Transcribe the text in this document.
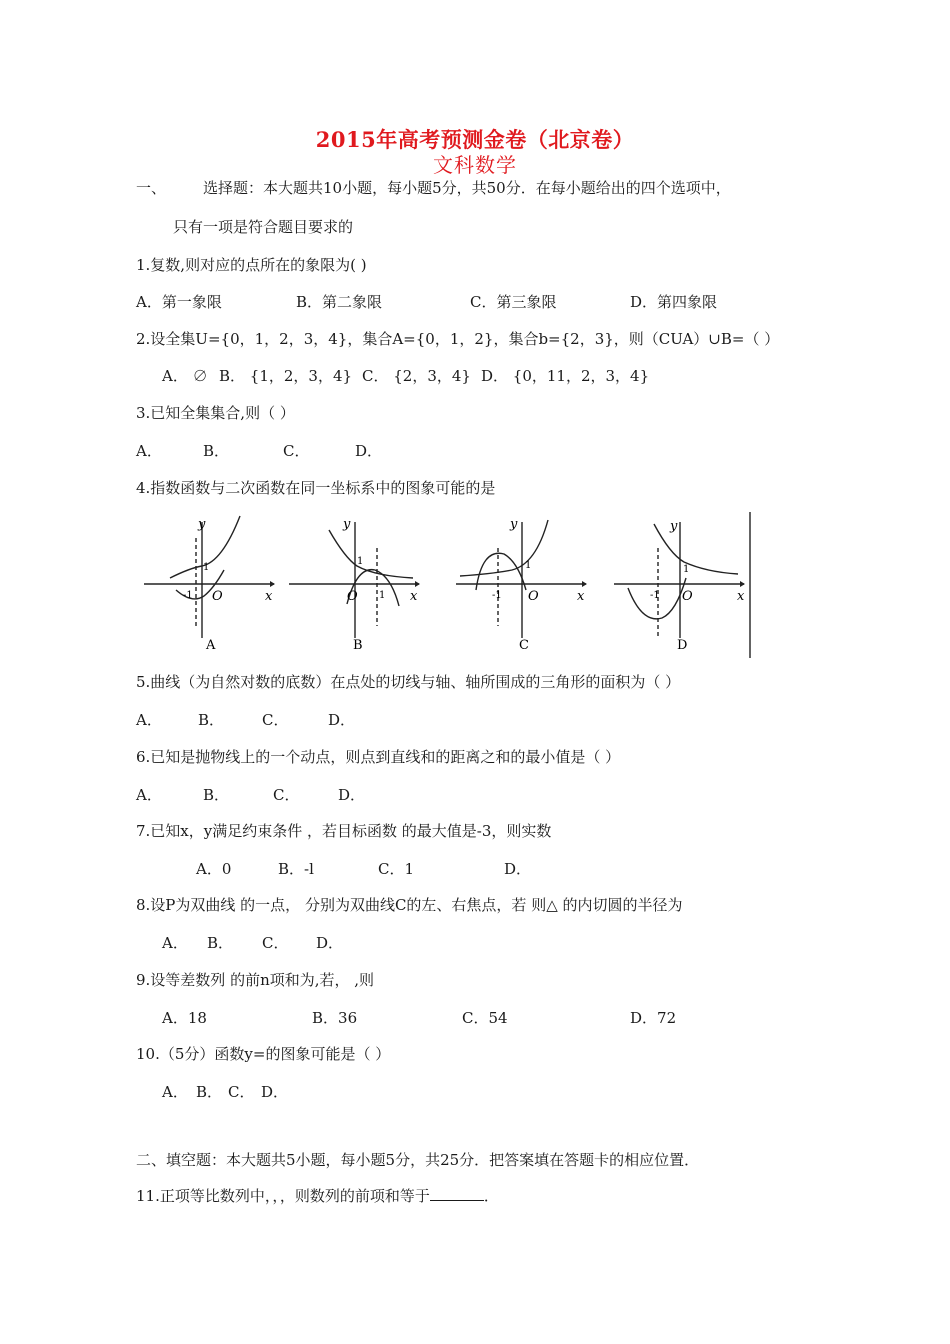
2015年高考预测金卷（北京卷）
文科数学
一、 选择题：本大题共10小题，每小题5分，共50分．在每小题给出的四个选项中，
只有一项是符合题目要求的
1.复数,则对应的点所在的象限为( )
A．第一象限	B．第二象限	C．第三象限	D．第四象限
2.设全集U={0，1，2，3，4}，集合A={0，1，2}，集合b={2，3}，则（CUA）∪B=（ ）
A． ∅ B． {1，2，3，4} C． {2，3，4} D． {0，11，2，3，4}
3.已知全集集合,则（ ）
A．	B．	C．	D．
4.指数函数与二次函数在同一坐标系中的图象可能的是
y
x
O
1
-1
A
y
x
O
1
1
B
y
x
O
1
-1
C
y
x
O
1
-1
D
5.曲线（为自然对数的底数）在点处的切线与轴、轴所围成的三角形的面积为（ ）
A． B．	C．	D．
6.已知是抛物线上的一个动点，则点到直线和的距离之和的最小值是（ ）
A．	B．	C．	D．
7.已知x，y满足约束条件 ，若目标函数 的最大值是-3，则实数
A．0	B．-l	C．1	D．
8.设P为双曲线 的一点， 分别为双曲线C的左、右焦点，若 则△ 的内切圆的半径为
A． B． C． D．
9.设等差数列 的前n项和为,若， ,则
A．18	B．36	C．54	D．72
10.（5分）函数y=的图象可能是（ ）
A． B． C． D．
二、填空题：本大题共5小题，每小题5分，共25分．把答案填在答题卡的相应位置．
11.正项等比数列中，，，则数列的前项和等于	．
